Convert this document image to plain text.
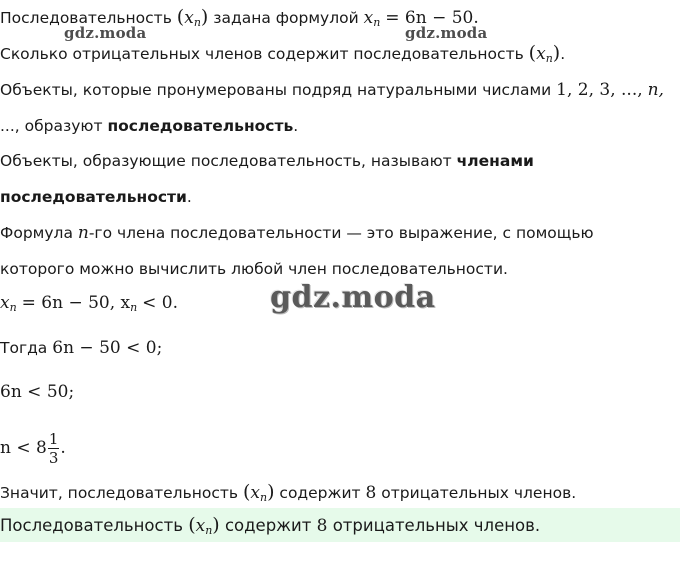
gdz.moda	gdz.moda
gdz.moda
Последовательность $(x_n)$ задана формулой $x_n = 6n - 50$.
Сколько отрицательных членов содержит последовательность $(x_n)$.
Объекты, которые пронумерованы подряд натуральными числами 1, 2, 3, ..., n,
..., образуют последовательность.
Объекты, образующие последовательность, называют членами
последовательности.
Формула n-го члена последовательности — это выражение, с помощью
которого можно вычислить любой член последовательности.
$x_n = 6n - 50$, $x_n < 0$.
Тогда 6n − 50 < 0;
6n < 50;
$n < 8 \frac{1}{3}$ .
Значит, последовательность $(x_n)$ содержит 8 отрицательных членов.
Последовательность $(x_n)$ содержит 8 отрицательных членов.
